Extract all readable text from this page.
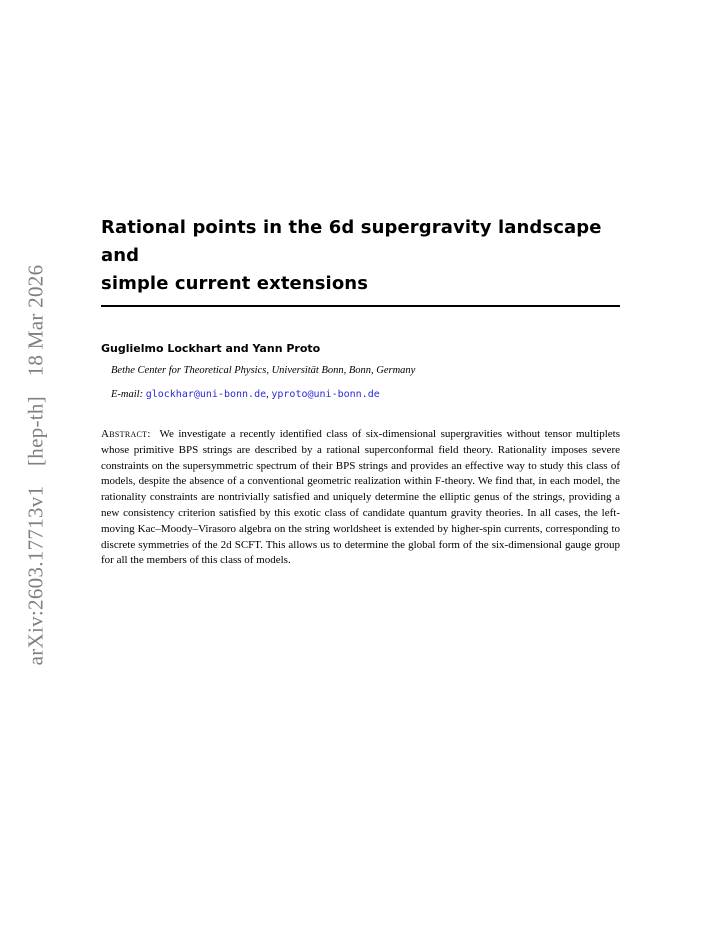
arXiv:2603.17713v1 [hep-th] 18 Mar 2026
Rational points in the 6d supergravity landscape and
simple current extensions
Guglielmo Lockhart and Yann Proto
Bethe Center for Theoretical Physics, Universität Bonn, Bonn, Germany
E-mail: glockhar@uni-bonn.de, yproto@uni-bonn.de
Abstract: We investigate a recently identified class of six-dimensional supergravities without tensor multiplets whose primitive BPS strings are described by a rational superconformal field theory. Rationality imposes severe constraints on the supersymmetric spectrum of their BPS strings and provides an effective way to study this class of models, despite the absence of a conventional geometric realization within F-theory. We find that, in each model, the rationality constraints are nontrivially satisfied and uniquely determine the elliptic genus of the strings, providing a new consistency criterion satisfied by this exotic class of candidate quantum gravity theories. In all cases, the left-moving Kac–Moody–Virasoro algebra on the string worldsheet is extended by higher-spin currents, corresponding to discrete symmetries of the 2d SCFT. This allows us to determine the global form of the six-dimensional gauge group for all the members of this class of models.
